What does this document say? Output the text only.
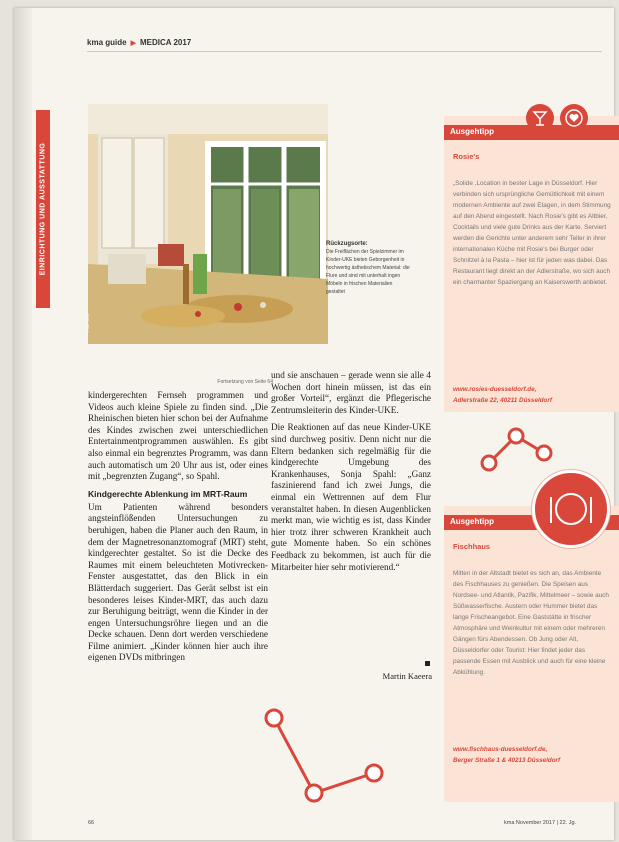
kma guide ▶ MEDICA 2017
EINRICHTUNG UND AUSSTATTUNG
Foto: UKE
Rückzugsorte:
Die Freiflächen der Spielzimmer im Kinder-UKE bieten Geborgenheit in hochwertig ästhetischem Material: die Flure und sind mit unterhalt ingen Möbeln in frischen Materialien gestaltet
Fortsetzung von Seite 64

kindergerechten Fernseh programmen und Videos auch kleine Spiele zu finden sind. „Die Rheinischen bieten hier schon bei der Aufnahme des Kindes zwischen zwei unterschiedlichen Entertainmentprogrammen auswählen. Es gibt also einmal ein begrenztes Programm, was dann auch automatisch um 20 Uhr aus ist, oder eines mit „begrenzten Zugang“, so Spahl.

Kindgerechte Ablenkung im MRT-Raum

Um Patienten während besonders angsteinflößenden Untersuchungen zu beruhigen, haben die Planer auch den Raum, in dem der Magnetresonanztomograf (MRT) steht, kindgerechter gestaltet. So ist die Decke des Raumes mit einem beleuchteten Motivrecken-Fenster ausgestattet, das den Blick in ein Blätterdach suggeriert. Das Gerät selbst ist ein besonderes leises Kinder-MRT, das auch dazu zur Beruhigung beiträgt, wenn die Kinder in der engen Untersuchungsröhre liegen und an die Decke schauen. Denn dort werden verschiedene Filme animiert. „Kinder können hier auch ihre eigenen DVDs mitbringen

und sie anschauen – gerade wenn sie alle 4 Wochen dort hinein müssen, ist das ein großer Vorteil“, ergänzt die Pflegerische Zentrumsleiterin des Kinder-UKE.

Die Reaktionen auf das neue Kinder-UKE sind durchweg positiv. Denn nicht nur die Eltern bedanken sich regelmäßig für die kindgerechte Umgebung des Krankenhauses, Sonja Spahl: „Ganz faszinierend fand ich zwei Jungs, die einmal ein Wettrennen auf dem Flur veranstaltet haben. In diesen Augenblicken merkt man, wie wichtig es ist, dass Kinder hier trotz ihrer schweren Krankheit auch gute Momente haben. So ein schönes Feedback zu bekommen, ist auch für die Mitarbeiter hier sehr motivierend.“

Martin Kaeera
Ausgehtipp
Rosie's
„Solide ,Location in bester Lage in Düsseldorf. Hier verbinden sich ursprüngliche Gemütlichkeit mit einem modernen Ambiente auf zwei Etagen, in dem Stimmung auf den Abend eingestellt. Nach Rosie's gibt es Altbier, Cocktails und viele gute Drinks aus der Karte. Serviert werden die Gerichte unter anderem sehr Teller in ihrer internationalen Küche mit Rosie's bei Burger oder Schnitzel à la Pasta – hier ist für jeden was dabei. Das Restaurant liegt direkt an der Adlerstraße, wo sich auch ein charmanter Spaziergang an Kaiserswerth anbietet.
www.rosies-duesseldorf.de,
Adlerstraße 22, 40211 Düsseldorf
Ausgehtipp
Fischhaus
Mitten in der Altstadt bietet es sich an, das Ambiente des Fischhauses zu genießen. Die Speisen aus Nordsee- und Atlantik, Pazifik, Mittelmeer – sowie auch Süßwasserfische. Austern oder Hummer bietet das lange Frischeangebot. Eine Gaststätte in frischer Atmosphäre und Weinkultur mit einem oder mehreren Gängen fürs Abendessen. Ob Jung oder Alt, Düsseldorfer oder Tourist: Hier findet jeder das passende Essen mit Ausblick und auch für eine kleine Abkühlung.
www.fischhaus-duesseldorf.de,
Berger Straße 1 & 40213 Düsseldorf
66	kma November 2017 | 22. Jg.
